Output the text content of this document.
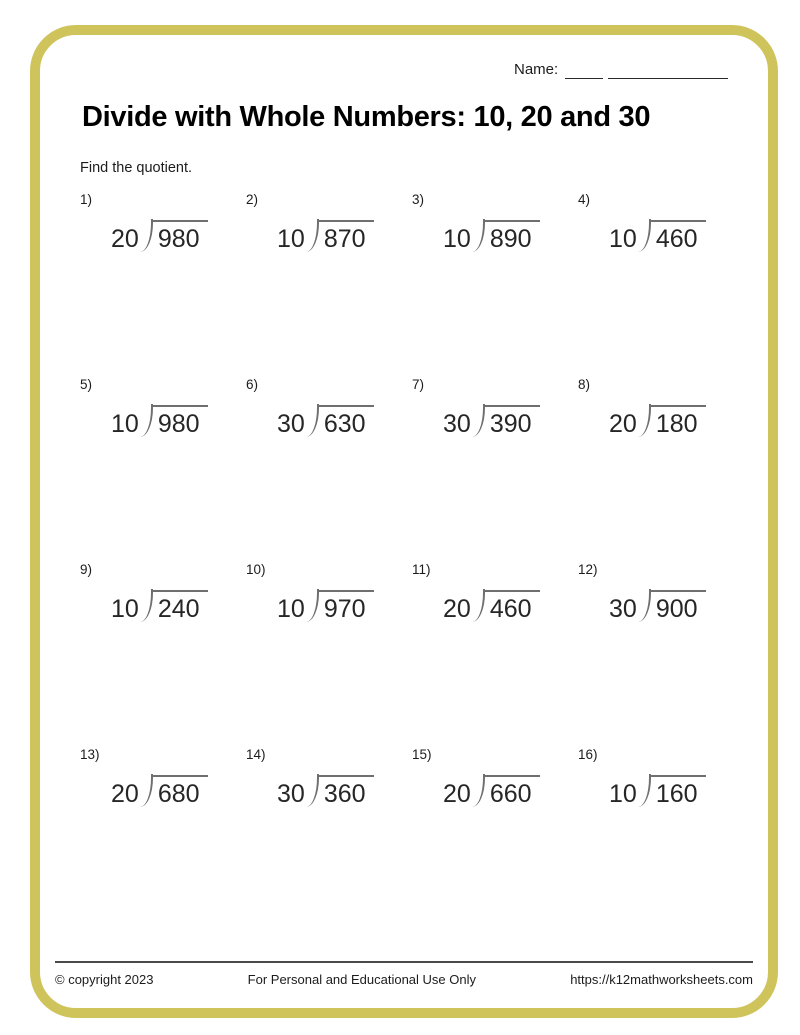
Name:
Divide with Whole Numbers: 10, 20 and 30
Find the quotient.
1)
20 980
2)
10 870
3)
10 890
4)
10 460
5)
10 980
6)
30 630
7)
30 390
8)
20 180
9)
10 240
10)
10 970
11)
20 460
12)
30 900
13)
20 680
14)
30 360
15)
20 660
16)
10 160
© copyright 2023	For Personal and Educational Use Only	https://k12mathworksheets.com
